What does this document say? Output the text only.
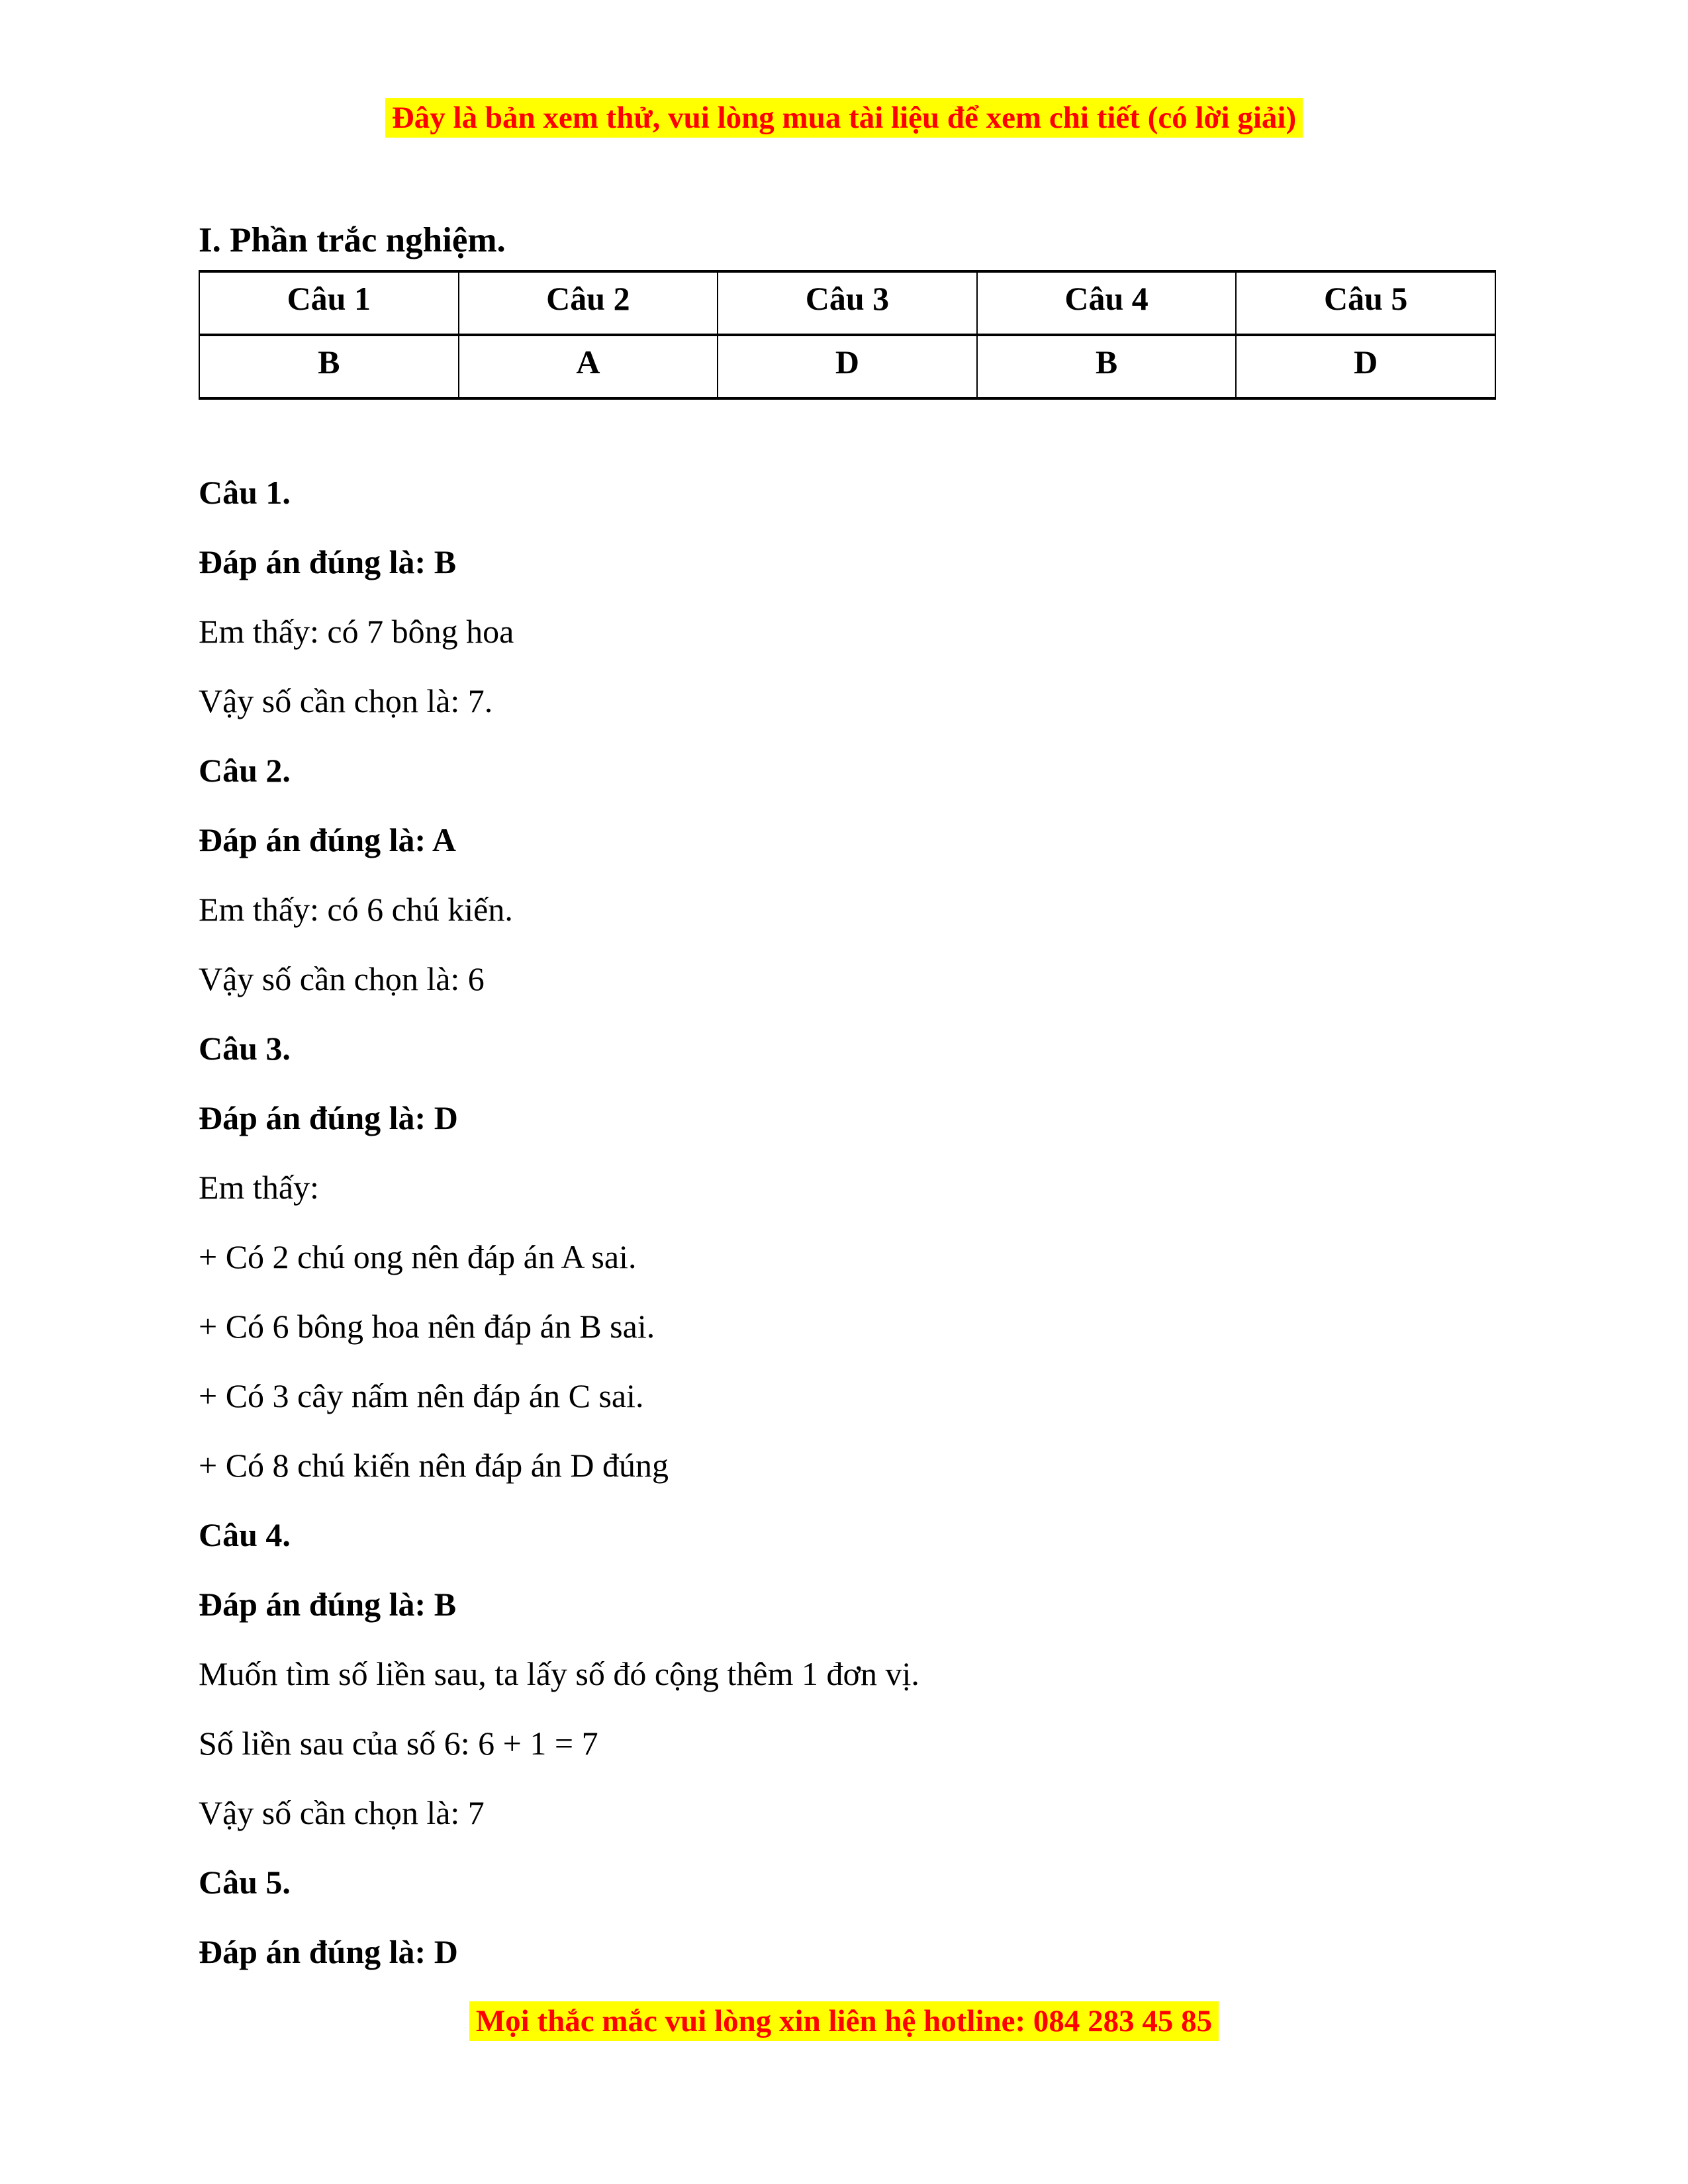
Đây là bản xem thử, vui lòng mua tài liệu để xem chi tiết (có lời giải)
I. Phần trắc nghiệm.
Câu 1	Câu 2	Câu 3	Câu 4	Câu 5
B	A	D	B	D

Câu 1.

Đáp án đúng là: B

Em thấy: có 7 bông hoa

Vậy số cần chọn là: 7.

Câu 2.

Đáp án đúng là: A

Em thấy: có 6 chú kiến.

Vậy số cần chọn là: 6

Câu 3.

Đáp án đúng là: D

Em thấy:

+ Có 2 chú ong nên đáp án A sai.

+ Có 6 bông hoa nên đáp án B sai.

+ Có 3 cây nấm nên đáp án C sai.

+ Có 8 chú kiến nên đáp án D đúng

Câu 4.

Đáp án đúng là: B

Muốn tìm số liền sau, ta lấy số đó cộng thêm 1 đơn vị.

Số liền sau của số 6: 6 + 1 = 7

Vậy số cần chọn là: 7

Câu 5.

Đáp án đúng là: D

Mọi thắc mắc vui lòng xin liên hệ hotline: 084 283 45 85
